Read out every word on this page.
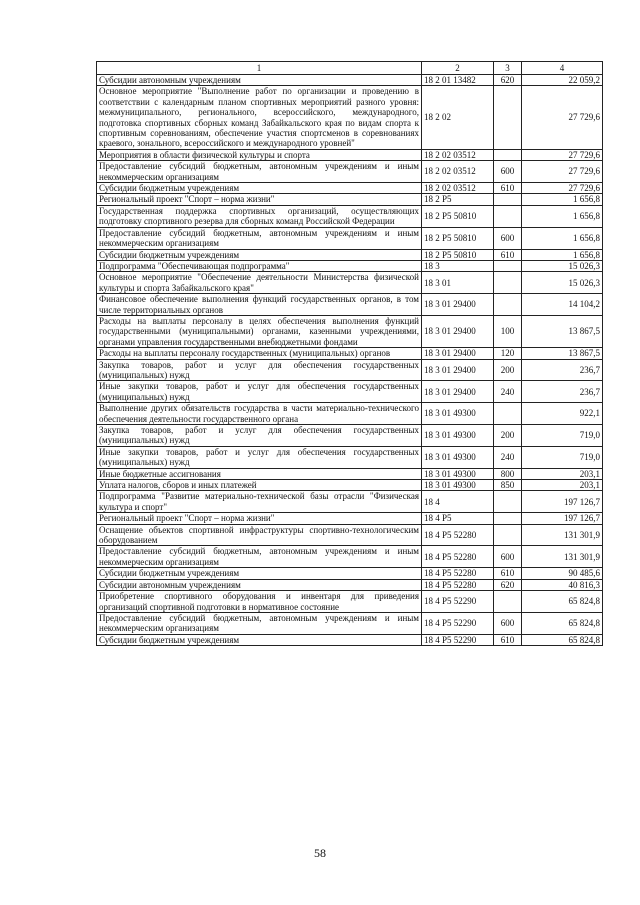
1	2	3	4
Субсидии автономным учреждениям	18 2 01 13482	620	22 059,2
Основное мероприятие "Выполнение работ по организации и проведению в соответствии с календарным планом спортивных мероприятий разного уровня: межмуниципального, регионального, всероссийского, международного, подготовка спортивных сборных команд Забайкальского края по видам спорта к спортивным соревнованиям, обеспечение участия спортсменов в соревнованиях краевого, зонального, всероссийского и международного уровней"	18 2 02		27 729,6
Мероприятия в области физической культуры и спорта	18 2 02 03512		27 729,6
Предоставление субсидий бюджетным, автономным учреждениям и иным некоммерческим организациям	18 2 02 03512	600	27 729,6
Субсидии бюджетным учреждениям	18 2 02 03512	610	27 729,6
Региональный проект "Спорт – норма жизни"	18 2 P5		1 656,8
Государственная поддержка спортивных организаций, осуществляющих подготовку спортивного резерва для сборных команд Российской Федерации	18 2 P5 50810		1 656,8
Предоставление субсидий бюджетным, автономным учреждениям и иным некоммерческим организациям	18 2 P5 50810	600	1 656,8
Субсидии бюджетным учреждениям	18 2 P5 50810	610	1 656,8
Подпрограмма "Обеспечивающая подпрограмма"	18 3		15 026,3
Основное мероприятие "Обеспечение деятельности Министерства физической культуры и спорта Забайкальского края"	18 3 01		15 026,3
Финансовое обеспечение выполнения функций государственных органов, в том числе территориальных органов	18 3 01 29400		14 104,2
Расходы на выплаты персоналу в целях обеспечения выполнения функций государственными (муниципальными) органами, казенными учреждениями, органами управления государственными внебюджетными фондами	18 3 01 29400	100	13 867,5
Расходы на выплаты персоналу государственных (муниципальных) органов	18 3 01 29400	120	13 867,5
Закупка товаров, работ и услуг для обеспечения государственных (муниципальных) нужд	18 3 01 29400	200	236,7
Иные закупки товаров, работ и услуг для обеспечения государственных (муниципальных) нужд	18 3 01 29400	240	236,7
Выполнение других обязательств государства в части материально-технического обеспечения деятельности государственного органа	18 3 01 49300		922,1
Закупка товаров, работ и услуг для обеспечения государственных (муниципальных) нужд	18 3 01 49300	200	719,0
Иные закупки товаров, работ и услуг для обеспечения государственных (муниципальных) нужд	18 3 01 49300	240	719,0
Иные бюджетные ассигнования	18 3 01 49300	800	203,1
Уплата налогов, сборов и иных платежей	18 3 01 49300	850	203,1
Подпрограмма "Развитие материально-технической базы отрасли "Физическая культура и спорт"	18 4		197 126,7
Региональный проект "Спорт – норма жизни"	18 4 P5		197 126,7
Оснащение объектов спортивной инфраструктуры спортивно-технологическим оборудованием	18 4 P5 52280		131 301,9
Предоставление субсидий бюджетным, автономным учреждениям и иным некоммерческим организациям	18 4 P5 52280	600	131 301,9
Субсидии бюджетным учреждениям	18 4 P5 52280	610	90 485,6
Субсидии автономным учреждениям	18 4 P5 52280	620	40 816,3
Приобретение спортивного оборудования и инвентаря для приведения организаций спортивной подготовки в нормативное состояние	18 4 P5 52290		65 824,8
Предоставление субсидий бюджетным, автономным учреждениям и иным некоммерческим организациям	18 4 P5 52290	600	65 824,8
Субсидии бюджетным учреждениям	18 4 P5 52290	610	65 824,8
58
